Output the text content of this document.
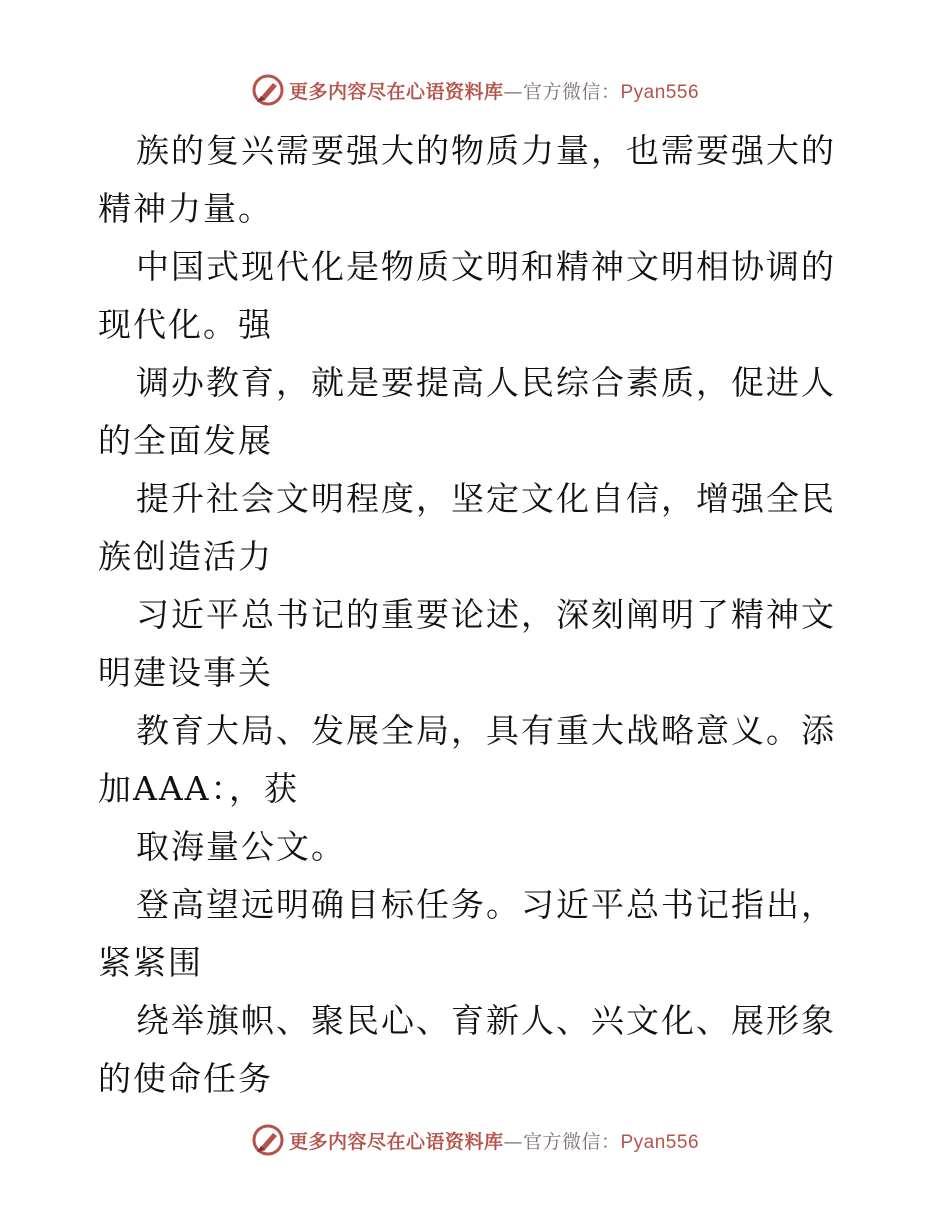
更多内容尽在心语资料库—官方微信：Pyan556

族的复兴需要强大的物质力量，也需要强大的精神力量。

中国式现代化是物质文明和精神文明相协调的现代化。强

调办教育，就是要提高人民综合素质，促进人的全面发展

提升社会文明程度，坚定文化自信，增强全民族创造活力

习近平总书记的重要论述，深刻阐明了精神文明建设事关

教育大局、发展全局，具有重大战略意义。添加AAA：，获

取海量公文。

登高望远明确目标任务。习近平总书记指出，紧紧围

绕举旗帜、聚民心、育新人、兴文化、展形象的使命任务

更多内容尽在心语资料库—官方微信：Pyan556
